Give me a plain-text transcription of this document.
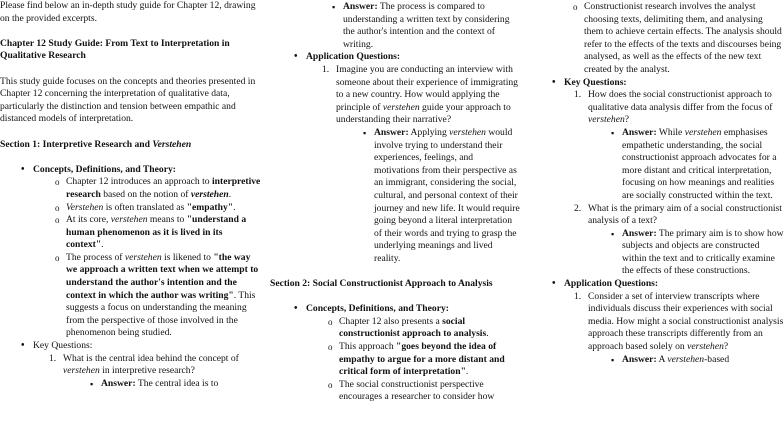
Please find below an in-depth study guide for Chapter 12, drawing on the provided excerpts.

Chapter 12 Study Guide: From Text to Interpretation in Qualitative Research

This study guide focuses on the concepts and theories presented in Chapter 12 concerning the interpretation of qualitative data, particularly the distinction and tension between empathic and distanced models of interpretation.

Section 1: Interpretive Research and Verstehen

• Concepts, Definitions, and Theory:
o Chapter 12 introduces an approach to interpretive research based on the notion of verstehen.
o Verstehen is often translated as "empathy".
o At its core, verstehen means to "understand a human phenomenon as it is lived in its context".
o The process of verstehen is likened to "the way we approach a written text when we attempt to understand the author's intention and the context in which the author was writing". This suggests a focus on understanding the meaning from the perspective of those involved in the phenomenon being studied.
• Key Questions:
1. What is the central idea behind the concept of verstehen in interpretive research?
▪ Answer: The central idea is to
▪ Answer: The process is compared to understanding a written text by considering the author's intention and the context of writing.
• Application Questions:
1. Imagine you are conducting an interview with someone about their experience of immigrating to a new country. How would applying the principle of verstehen guide your approach to understanding their narrative?
▪ Answer: Applying verstehen would involve trying to understand their experiences, feelings, and motivations from their perspective as an immigrant, considering the social, cultural, and personal context of their journey and new life. It would require going beyond a literal interpretation of their words and trying to grasp the underlying meanings and lived reality.

Section 2: Social Constructionist Approach to Analysis

• Concepts, Definitions, and Theory:
o Chapter 12 also presents a social constructionist approach to analysis.
o This approach "goes beyond the idea of empathy to argue for a more distant and critical form of interpretation".
o The social constructionist perspective encourages a researcher to consider how
o Constructionist research involves the analyst choosing texts, delimiting them, and analysing them to achieve certain effects. The analysis should refer to the effects of the texts and discourses being analysed, as well as the effects of the new text created by the analyst.
• Key Questions:
1. How does the social constructionist approach to qualitative data analysis differ from the focus of verstehen?
▪ Answer: While verstehen emphasises empathetic understanding, the social constructionist approach advocates for a more distant and critical interpretation, focusing on how meanings and realities are socially constructed within the text.
2. What is the primary aim of a social constructionist analysis of a text?
▪ Answer: The primary aim is to show how subjects and objects are constructed within the text and to critically examine the effects of these constructions.
• Application Questions:
1. Consider a set of interview transcripts where individuals discuss their experiences with social media. How might a social constructionist analysis approach these transcripts differently from an approach based solely on verstehen?
▪ Answer: A verstehen-based
